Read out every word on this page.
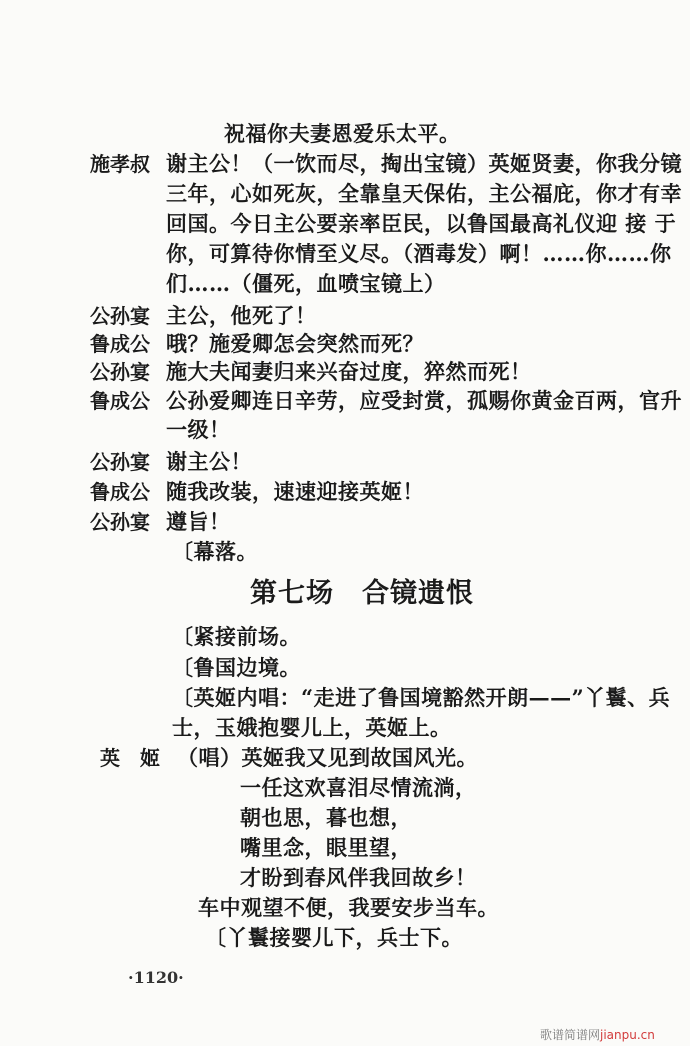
祝福你夫妻恩爱乐太平。
施孝叔 谢主公！（一饮而尽，掏出宝镜）英姬贤妻，你我分镜
三年，心如死灰，全靠皇天保佑，主公福庇，你才有幸
回国。今日主公要亲率臣民，以鲁国最高礼仪迎 接 于
你，可算待你情至义尽。（酒毒发）啊！……你……你
们……（僵死，血喷宝镜上）
公孙宴 主公，他死了！
鲁成公 哦？施爱卿怎会突然而死？
公孙宴 施大夫闻妻归来兴奋过度，猝然而死！
鲁成公 公孙爱卿连日辛劳，应受封赏，孤赐你黄金百两，官升
一级！
公孙宴 谢主公！
鲁成公 随我改装，速速迎接英姬！
公孙宴 遵旨！
〔幕落。
第七场　合镜遗恨
〔紧接前场。
〔鲁国边境。
〔英姬内唱：“走进了鲁国境豁然开朗——”丫鬟、兵
士，玉娥抱婴儿上，英姬上。
英　姬 （唱）英姬我又见到故国风光。
一任这欢喜泪尽情流淌，
朝也思，暮也想，
嘴里念，眼里望，
才盼到春风伴我回故乡！
车中观望不便，我要安步当车。
〔丫鬟接婴儿下，兵士下。
·1120·
歌谱简谱网jianpu.cn
